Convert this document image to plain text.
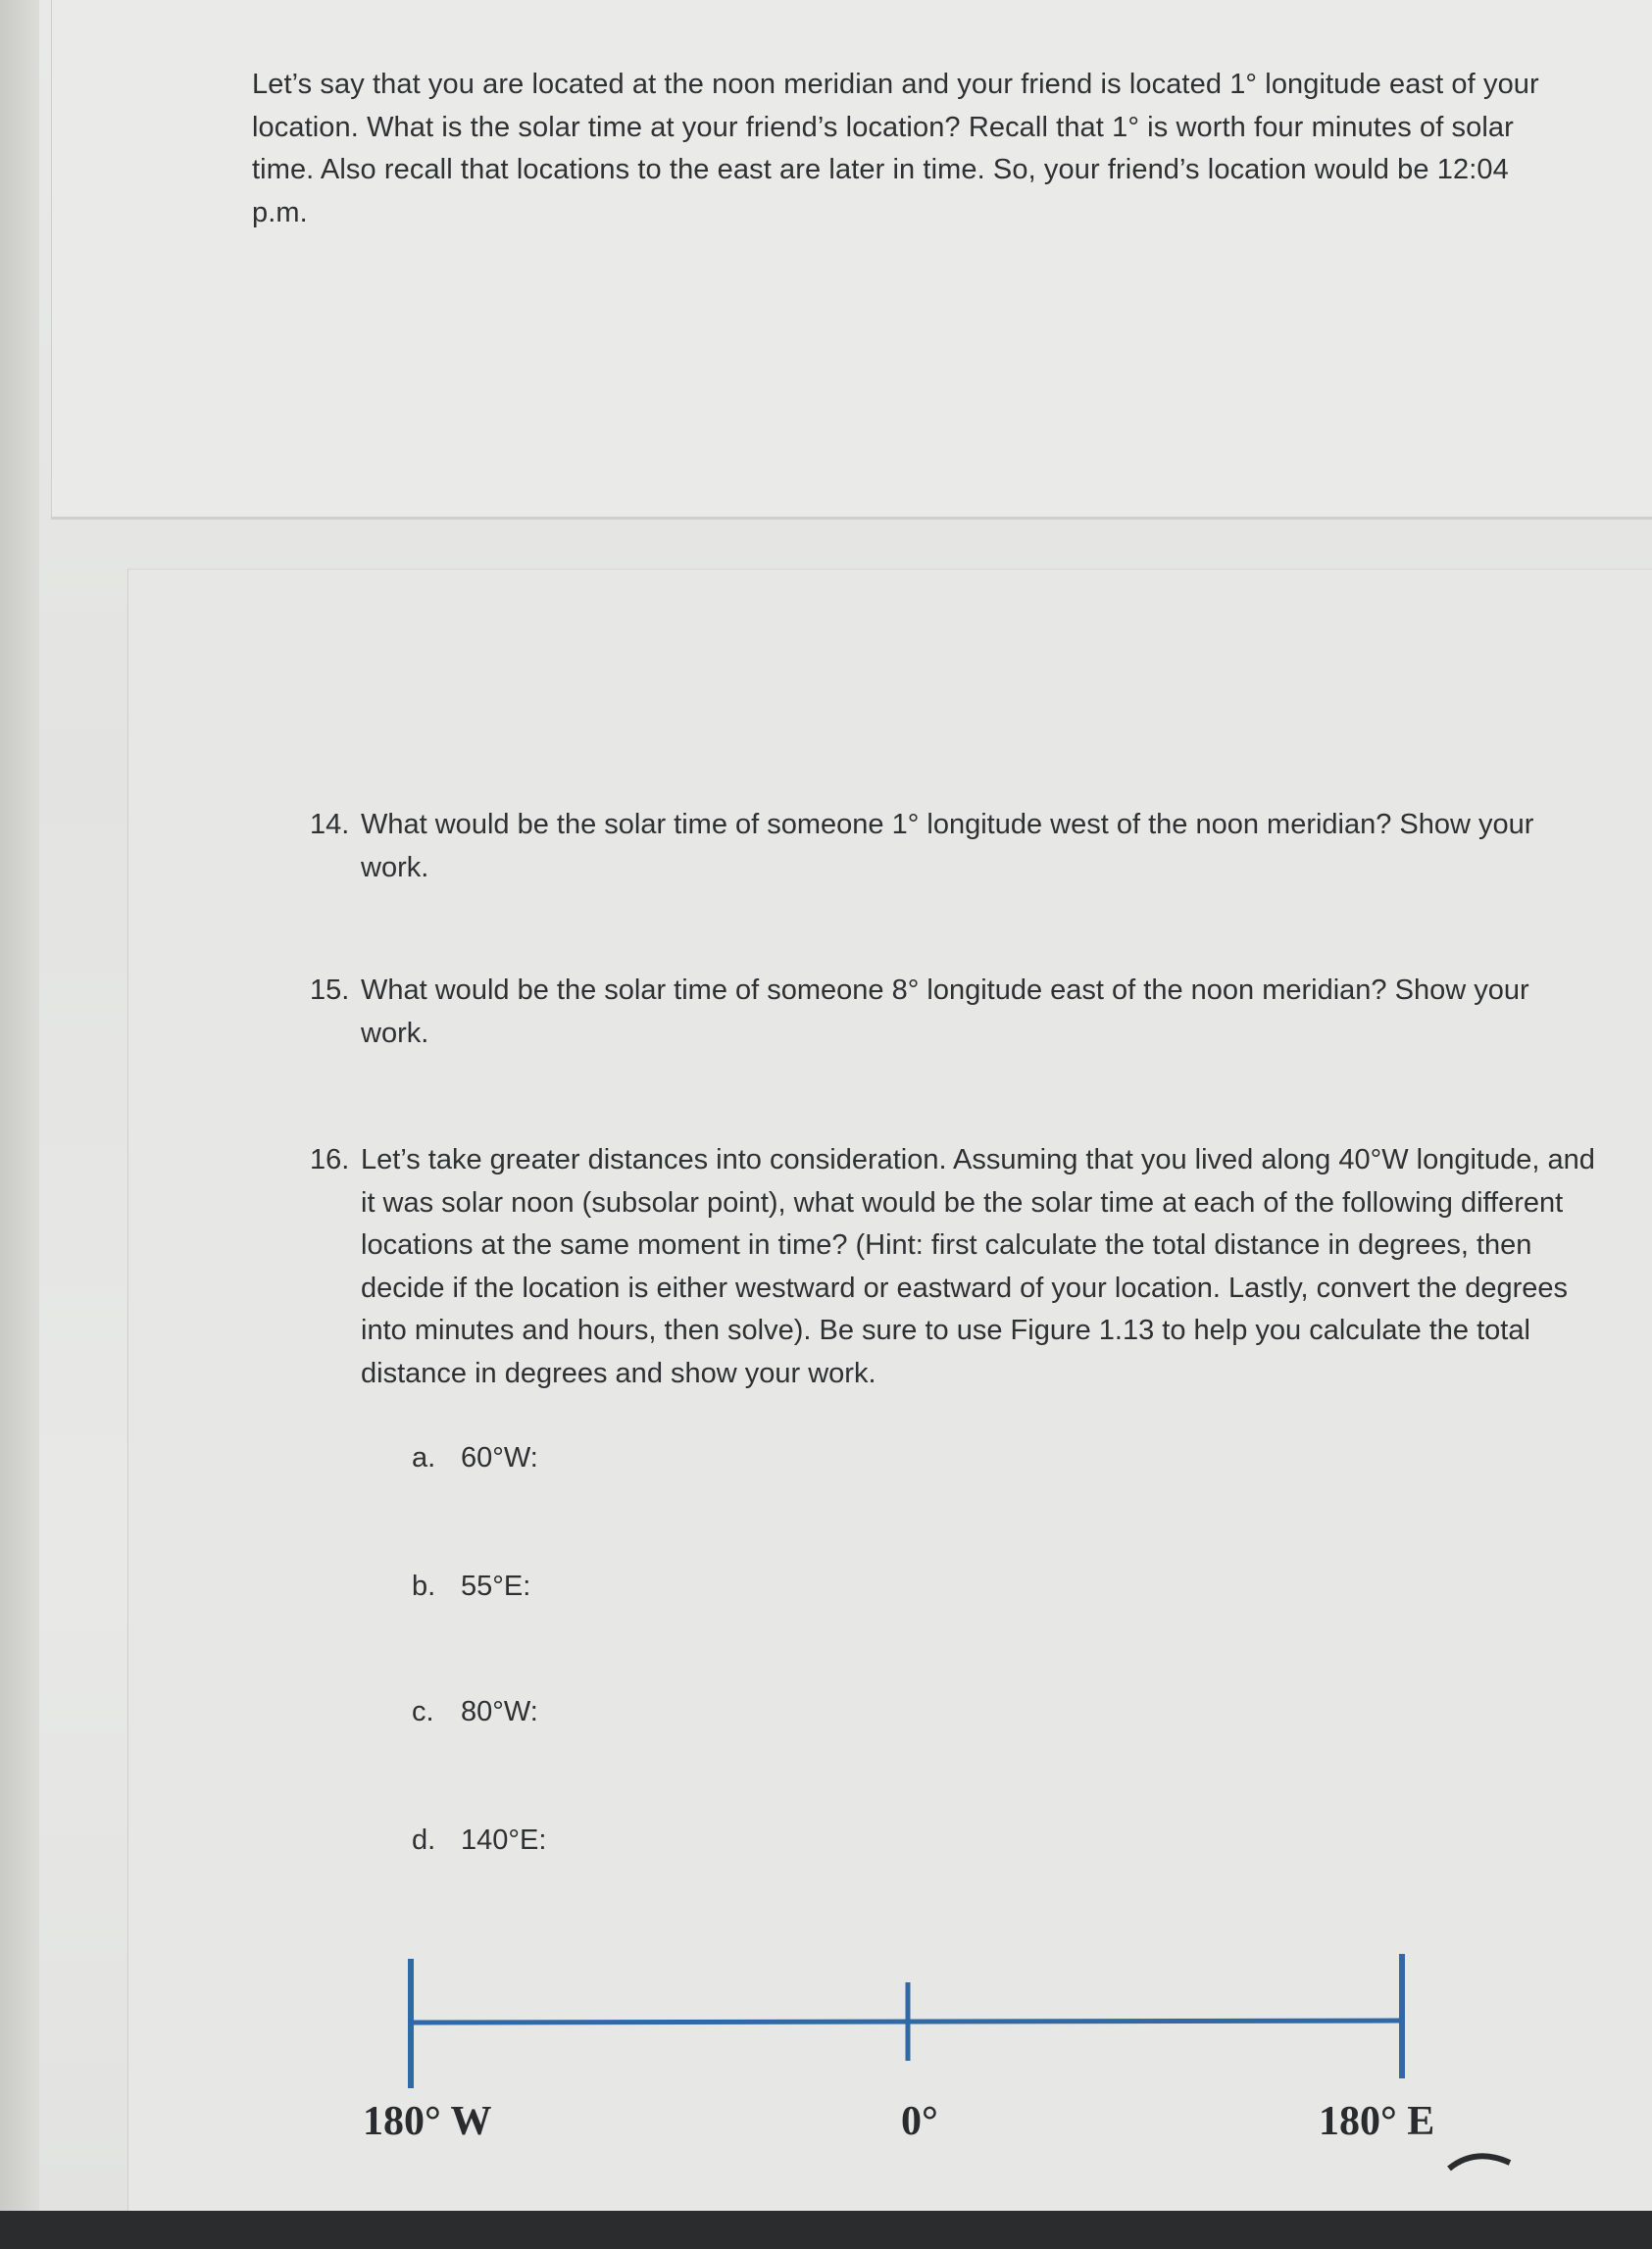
Let’s say that you are located at the noon meridian and your friend is located 1° longitude east of your location. What is the solar time at your friend’s location? Recall that 1° is worth four minutes of solar time. Also recall that locations to the east are later in time. So, your friend’s location would be 12:04 p.m.
14. What would be the solar time of someone 1° longitude west of the noon meridian? Show your work.
15. What would be the solar time of someone 8° longitude east of the noon meridian? Show your work.
16. Let’s take greater distances into consideration. Assuming that you lived along 40°W longitude, and it was solar noon (subsolar point), what would be the solar time at each of the following different locations at the same moment in time? (Hint: first calculate the total distance in degrees, then decide if the location is either westward or eastward of your location. Lastly, convert the degrees into minutes and hours, then solve). Be sure to use Figure 1.13 to help you calculate the total distance in degrees and show your work.
a. 60°W:
b. 55°E:
c. 80°W:
d. 140°E:
180° W	0°	180° E
